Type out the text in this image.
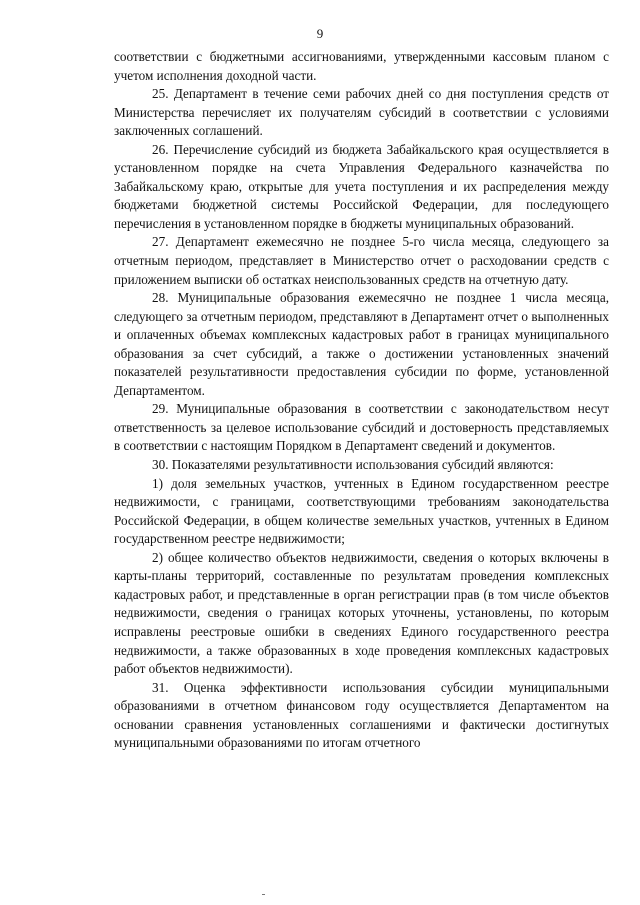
9

соответствии с бюджетными ассигнованиями, утвержденными кассовым планом с учетом исполнения доходной части.

25. Департамент в течение семи рабочих дней со дня поступления средств от Министерства перечисляет их получателям субсидий в соответствии с условиями заключенных соглашений.

26. Перечисление субсидий из бюджета Забайкальского края осуществляется в установленном порядке на счета Управления Федерального казначейства по Забайкальскому краю, открытые для учета поступления и их распределения между бюджетами бюджетной системы Российской Федерации, для последующего перечисления в установленном порядке в бюджеты муниципальных образований.

27. Департамент ежемесячно не позднее 5-го числа месяца, следующего за отчетным периодом, представляет в Министерство отчет о расходовании средств с приложением выписки об остатках неиспользованных средств на отчетную дату.

28. Муниципальные образования ежемесячно не позднее 1 числа месяца, следующего за отчетным периодом, представляют в Департамент отчет о выполненных и оплаченных объемах комплексных кадастровых работ в границах муниципального образования за счет субсидий, а также о достижении установленных значений показателей результативности предоставления субсидии по форме, установленной Департаментом.

29. Муниципальные образования в соответствии с законодательством несут ответственность за целевое использование субсидий и достоверность представляемых в соответствии с настоящим Порядком в Департамент сведений и документов.

30. Показателями результативности использования субсидий являются:

1) доля земельных участков, учтенных в Едином государственном реестре недвижимости, с границами, соответствующими требованиям законодательства Российской Федерации, в общем количестве земельных участков, учтенных в Едином государственном реестре недвижимости;

2) общее количество объектов недвижимости, сведения о которых включены в карты-планы территорий, составленные по результатам проведения комплексных кадастровых работ, и представленные в орган регистрации прав (в том числе объектов недвижимости, сведения о границах которых уточнены, установлены, по которым исправлены реестровые ошибки в сведениях Единого государственного реестра недвижимости, а также образованных в ходе проведения комплексных кадастровых работ объектов недвижимости).

31. Оценка эффективности использования субсидии муниципальными образованиями в отчетном финансовом году осуществляется Департаментом на основании сравнения установленных соглашениями и фактически достигнутых муниципальными образованиями по итогам отчетного
